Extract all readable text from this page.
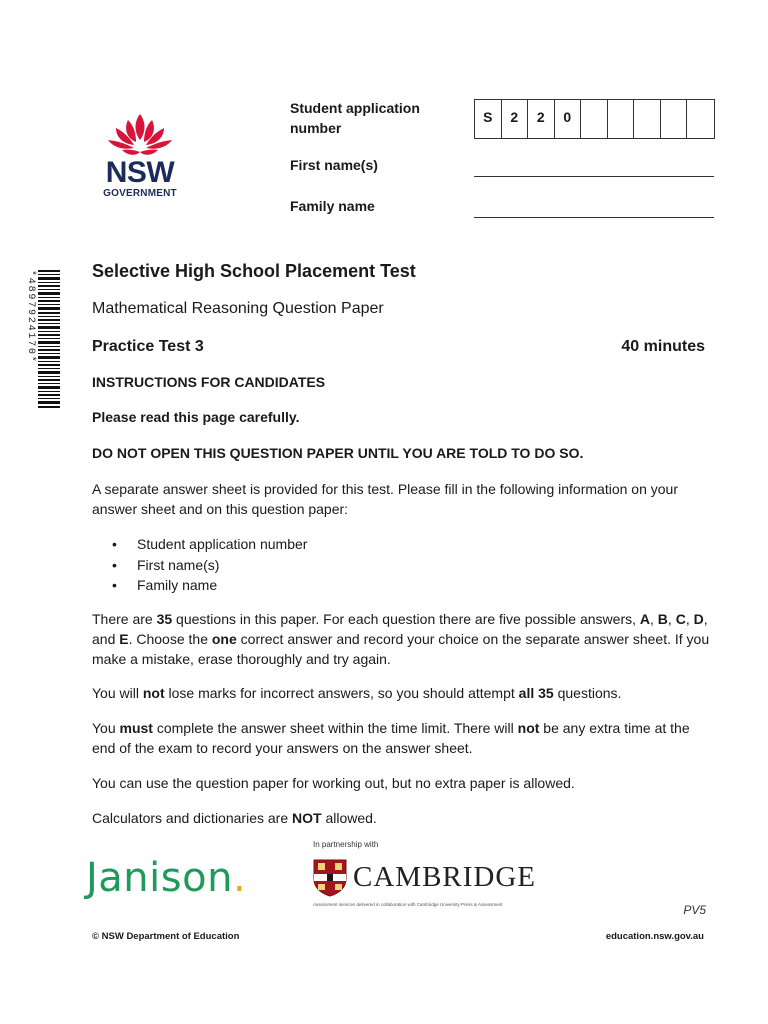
NSW
GOVERNMENT
Student application number
S	2	2	0
First name(s)
Family name
*4897924170*	Selective High School Placement Test
Mathematical Reasoning Question Paper
Practice Test 3	40 minutes
INSTRUCTIONS FOR CANDIDATES
Please read this page carefully.
DO NOT OPEN THIS QUESTION PAPER UNTIL YOU ARE TOLD TO DO SO.
A separate answer sheet is provided for this test. Please fill in the following information on your answer sheet and on this question paper:
• Student application number
• First name(s)
• Family name
There are 35 questions in this paper. For each question there are five possible answers, A, B, C, D, and E. Choose the one correct answer and record your choice on the separate answer sheet. If you make a mistake, erase thoroughly and try again.
You will not lose marks for incorrect answers, so you should attempt all 35 questions.
You must complete the answer sheet within the time limit. There will not be any extra time at the end of the exam to record your answers on the answer sheet.
You can use the question paper for working out, but no extra paper is allowed.
Calculators and dictionaries are NOT allowed.
Janison.
In partnership with
CAMBRIDGE
Assessment services delivered in collaboration with Cambridge University Press & Assessment	PV5
© NSW Department of Education	education.nsw.gov.au
